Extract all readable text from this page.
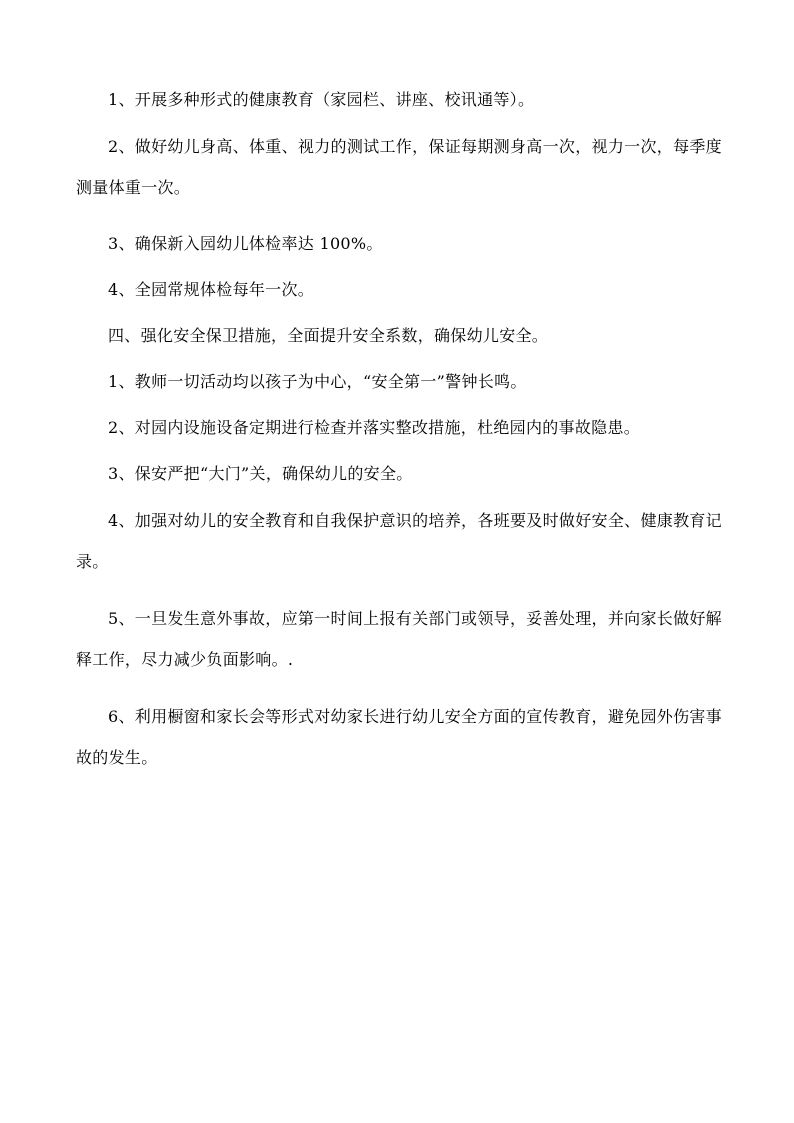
1、开展多种形式的健康教育（家园栏、讲座、校讯通等）。

2、做好幼儿身高、体重、视力的测试工作，保证每期测身高一次，视力一次，每季度测量体重一次。

3、确保新入园幼儿体检率达 100%。

4、全园常规体检每年一次。

四、强化安全保卫措施，全面提升安全系数，确保幼儿安全。

1、教师一切活动均以孩子为中心，“安全第一”警钟长鸣。

2、对园内设施设备定期进行检查并落实整改措施，杜绝园内的事故隐患。

3、保安严把“大门”关，确保幼儿的安全。

4、加强对幼儿的安全教育和自我保护意识的培养，各班要及时做好安全、健康教育记录。

5、一旦发生意外事故，应第一时间上报有关部门或领导，妥善处理，并向家长做好解释工作，尽力减少负面影响。.

6、利用橱窗和家长会等形式对幼家长进行幼儿安全方面的宣传教育，避免园外伤害事故的发生。
